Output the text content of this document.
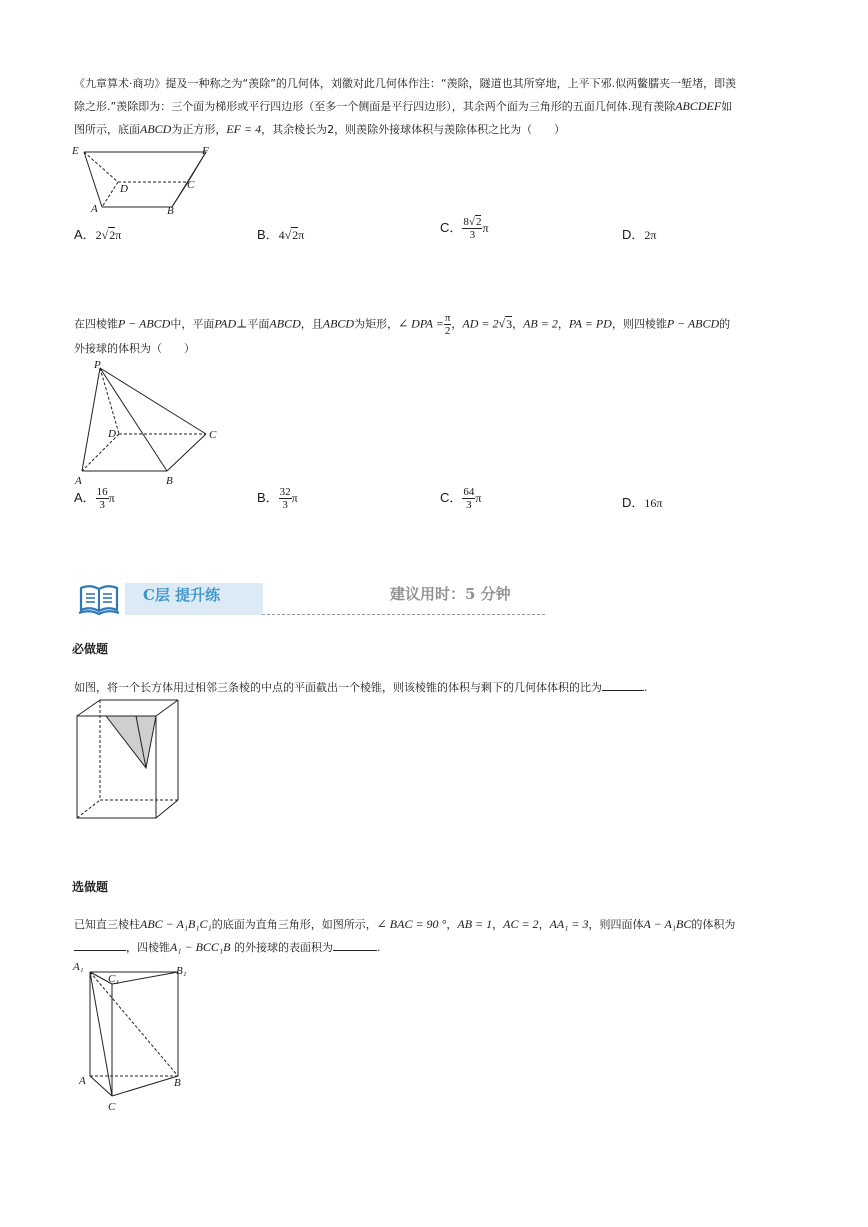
《九章算术·商功》提及一种称之为“羡除”的几何体，刘徽对此几何体作注：“羡除，隧道也其所穿地，上平下邪.似两鳖臑夹一堑堵，即羡
除之形.”羡除即为：三个面为梯形或平行四边形（至多一个侧面是平行四边形），其余两个面为三角形的五面几何体.现有羡除ABCDEF如
图所示，底面ABCD为正方形，EF = 4，其余棱长为2，则羡除外接球体积与羡除体积之比为（　　）
E	F
D	C
A	B
A．2√2π	B．4√2π	C． $\frac{8√2}{3}$ π	D．2π
在四棱锥P − ABCD中，平面PAD⊥平面ABCD，且ABCD为矩形，∠ DPA = $\frac{\pi}{2}$ ，AD = 2√3，AB = 2，PA = PD，则四棱锥P − ABCD的
外接球的体积为（　　）
P
D	C
A	B
A． $\frac{16}{3}$ π	B． $\frac{32}{3}$ π	C． $\frac{64}{3}$ π	D．16π
C层 提升练	建议用时：5 分钟
必做题
如图，将一个长方体用过相邻三条棱的中点的平面截出一个棱锥，则该棱锥的体积与剩下的几何体体积的比为	.
选做题
已知直三棱柱ABC − A₁B₁C₁的底面为直角三角形，如图所示，∠ BAC = 90 °，AB = 1，AC = 2，AA₁ = 3，则四面体A − A₁BC的体积为
，四棱锥A₁ − BCC₁B 的外接球的表面积为	.
A₁
C₁
B₁
A	B
C
